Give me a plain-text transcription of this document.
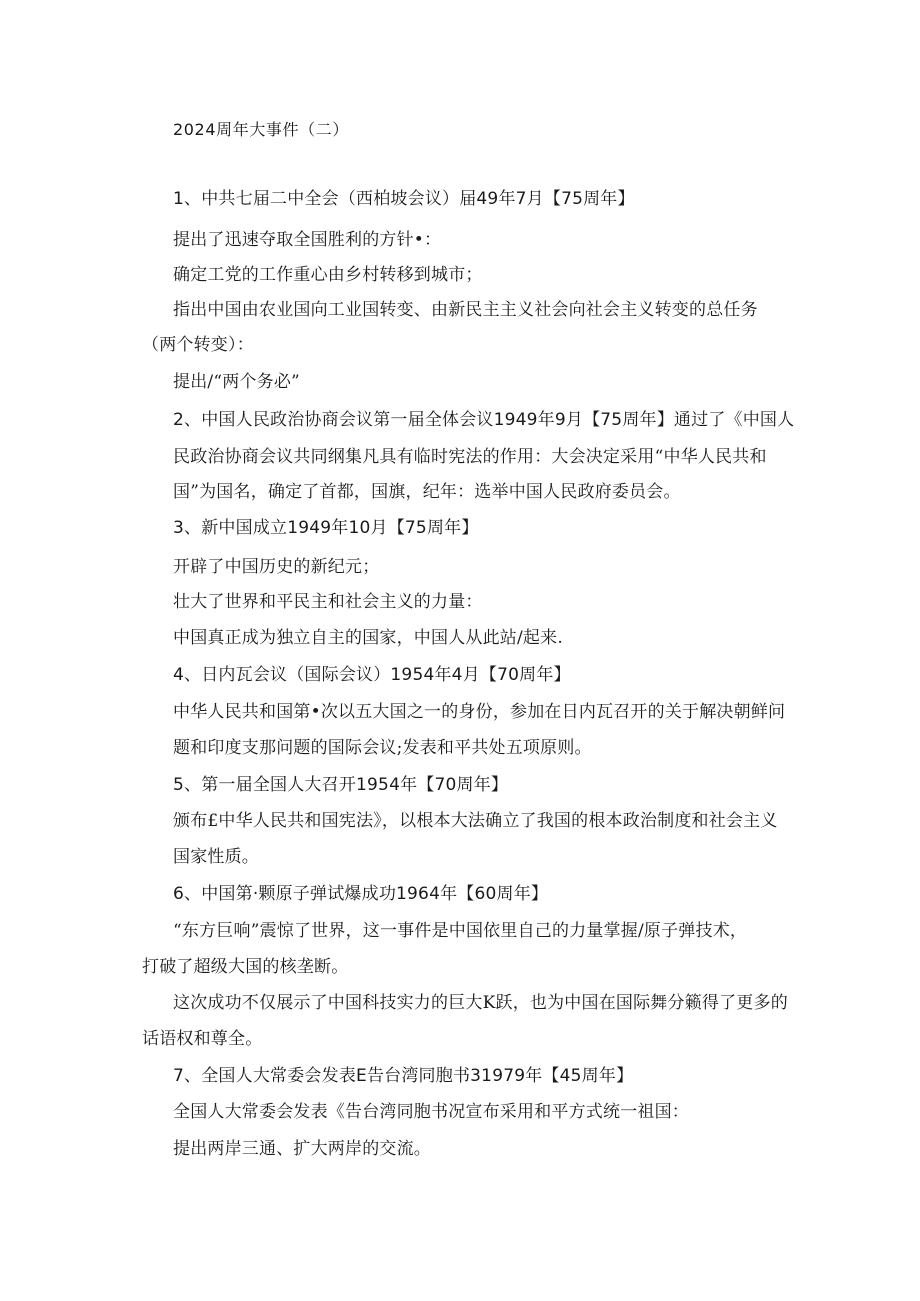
2024周年大事件（二）
1、中共七届二中全会（西柏坡会议）届49年7月【75周年】
提出了迅速夺取全国胜利的方针•：
确定工党的工作重心由乡村转移到城市；
指出中国由农业国向工业国转变、由新民主主义社会向社会主义转变的总任务
（两个转变）：
提出/“两个务必”
2、中国人民政治协商会议第一届全体会议1949年9月【75周年】通过了《中国人
民政治协商会议共同纲集凡具有临时宪法的作用：大会决定采用“中华人民共和
国”为国名，确定了首都，国旗，纪年：选举中国人民政府委员会。
3、新中国成立1949年10月【75周年】
开辟了中国历史的新纪元；
壮大了世界和平民主和社会主义的力量：
中国真正成为独立自主的国家，中国人从此站/起来.
4、日内瓦会议（国际会议）1954年4月【70周年】
中华人民共和国第•次以五大国之一的身份，参加在日内瓦召开的关于解决朝鲜问
题和印度支那问题的国际会议;发表和平共处五项原则。
5、第一届全国人大召开1954年【70周年】
颁布£中华人民共和国宪法》，以根本大法确立了我国的根本政治制度和社会主义
国家性质。
6、中国第·颗原子弹试爆成功1964年【60周年】
“东方巨响”震惊了世界，这一事件是中国依里自己的力量掌握/原子弹技术，
打破了超级大国的核垄断。
这次成功不仅展示了中国科技实力的巨大K跃，也为中国在国际舞分籁得了更多的
话语权和尊全。
7、全国人大常委会发表E告台湾同胞书31979年【45周年】
全国人大常委会发表《告台湾同胞书况宣布采用和平方式统一祖国：
提出两岸三通、扩大两岸的交流。
